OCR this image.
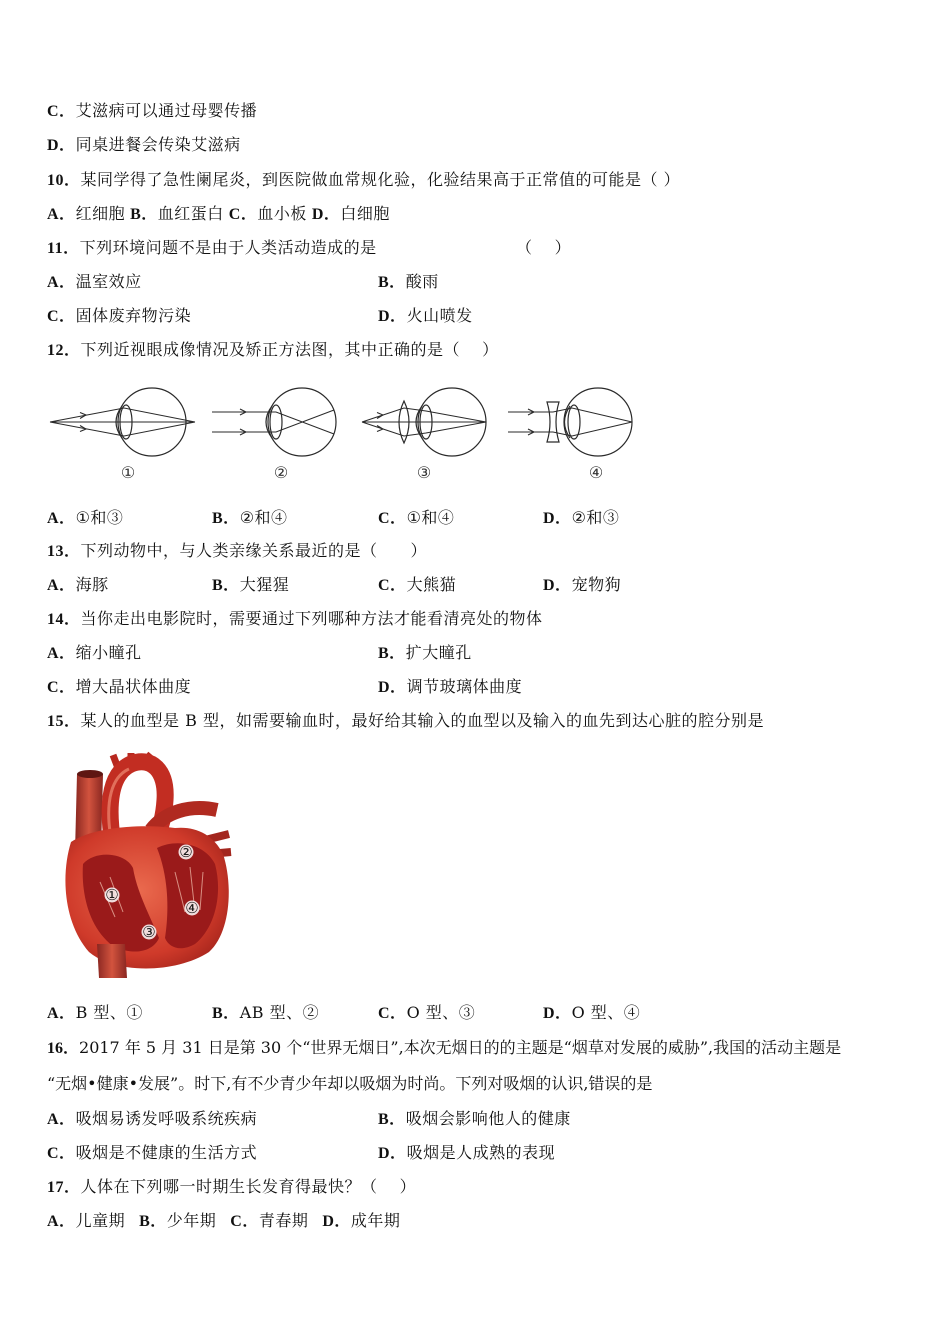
C．艾滋病可以通过母婴传播
D．同桌进餐会传染艾滋病
10．某同学得了急性阑尾炎，到医院做血常规化验，化验结果高于正常值的可能是（ ）
A．红细胞 B．血红蛋白 C．血小板 D．白细胞
11．下列环境问题不是由于人类活动造成的是	（　 ）
A．温室效应	B．酸雨
C．固体废弃物污染	D．火山喷发
12．下列近视眼成像情况及矫正方法图，其中正确的是（　 ）
①	②	③	④
A．①和③	B．②和④	C．①和④	D．②和③
13．下列动物中，与人类亲缘关系最近的是（　　）
A．海豚	B．大猩猩	C．大熊猫	D．宠物狗
14．当你走出电影院时，需要通过下列哪种方法才能看清亮处的物体
A．缩小瞳孔	B．扩大瞳孔
C．增大晶状体曲度	D．调节玻璃体曲度
15．某人的血型是 B 型，如需要输血时，最好给其输入的血型以及输入的血先到达心脏的腔分别是
①
②
③
④
A．B 型、①	B．AB 型、②	C．O 型、③	D．O 型、④
16．2017 年 5 月 31 日是第 30 个“世界无烟日”,本次无烟日的的主题是“烟草对发展的威胁”,我国的活动主题是
“无烟•健康•发展”。时下,有不少青少年却以吸烟为时尚。下列对吸烟的认识,错误的是
A．吸烟易诱发呼吸系统疾病	B．吸烟会影响他人的健康
C．吸烟是不健康的生活方式	D．吸烟是人成熟的表现
17．人体在下列哪一时期生长发育得最快？（　 ）
A．儿童期 B．少年期 C．青春期 D．成年期
